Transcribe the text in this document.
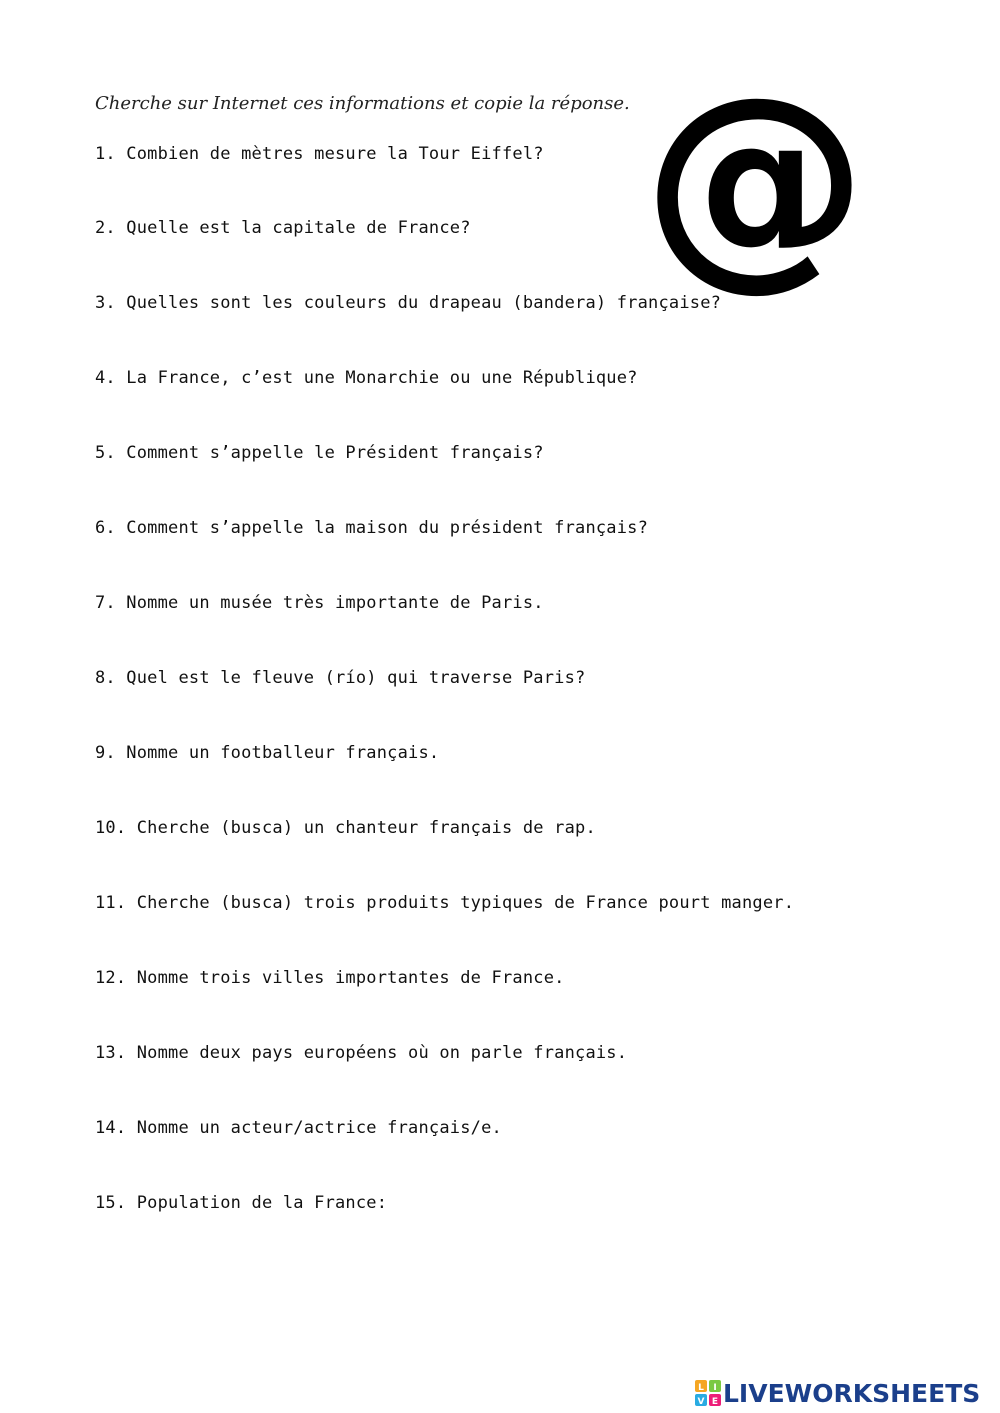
Cherche sur Internet ces informations et copie la réponse. @
1. Combien de mètres mesure la Tour Eiffel?
2. Quelle est la capitale de France?
3. Quelles sont les couleurs du drapeau (bandera) française?
4. La France, c’est une Monarchie ou une République?
5. Comment s’appelle le Président français?
6. Comment s’appelle la maison du président français?
7. Nomme un musée très importante de Paris.
8. Quel est le fleuve (río) qui traverse Paris?
9. Nomme un footballeur français.
10. Cherche (busca) un chanteur français de rap.
11. Cherche (busca) trois produits typiques de France pourt manger.
12. Nomme trois villes importantes de France.
13. Nomme deux pays européens où on parle français.
14. Nomme un acteur/actrice français/e.
15. Population de la France:
L I
V E LIVEWORKSHEETS
